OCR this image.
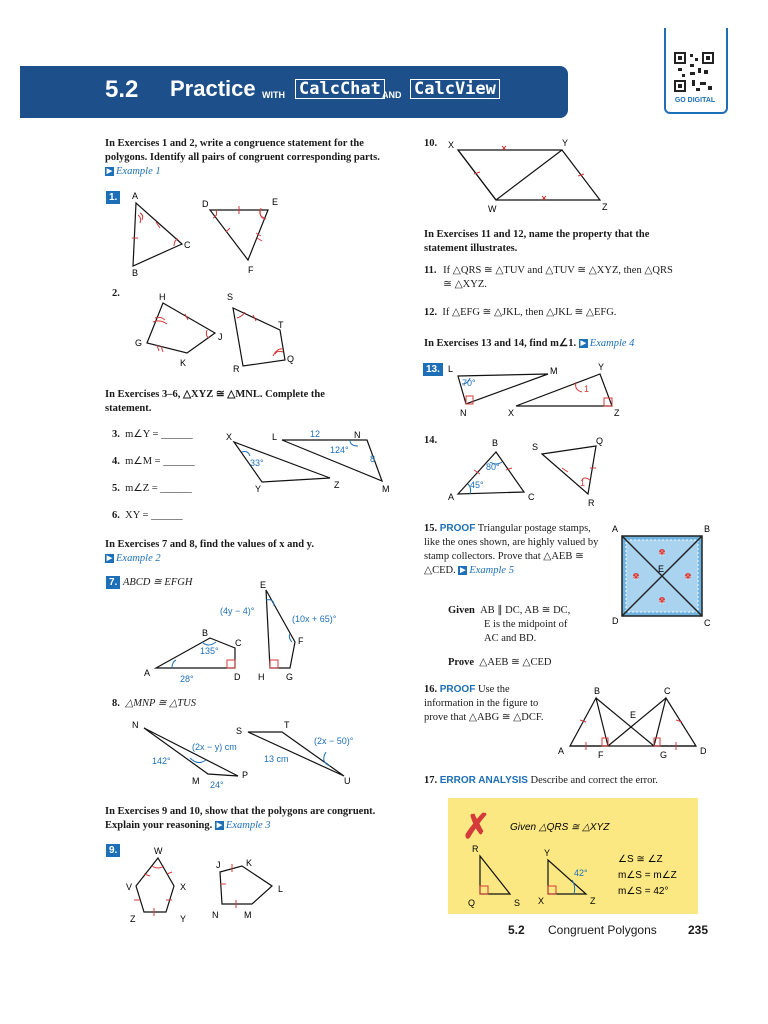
5.2 Practice WITH CalcChat AND CalcView
GO DIGITAL
In Exercises 1 and 2, write a congruence statement for the polygons. Identify all pairs of congruent corresponding parts. ▶ Example 1
1.	A
B
C
D	E
F
2.	H
J
K
G
S
T
Q
R
In Exercises 3–6, △XYZ ≅ △MNL. Complete the statement.
3. m∠Y = ______
4. m∠M = ______
5. m∠Z = ______
6. XY = ______
X
Y	Z
L	N
M
33°
12
124°
8
In Exercises 7 and 8, find the values of x and y.
▶ Example 2
7. ABCD ≅ EFGH
A
B
C
D
E
F
G
H
135°
28°
(4y − 4)°
(10x + 65)°
8. △MNP ≅ △TUS
N
M
P
S
T
U
142°
24°
(2x − y) cm
(2x − 50)°
13 cm
In Exercises 9 and 10, show that the polygons are congruent. Explain your reasoning. ▶ Example 3
9.	W
V	X
Z	Y
J	K
L
N	M
10. X	Y
W	Z
In Exercises 11 and 12, name the property that the statement illustrates.
11. If △QRS ≅ △TUV and △TUV ≅ △XYZ, then △QRS ≅ △XYZ.
12. If △EFG ≅ △JKL, then △JKL ≅ △EFG.
In Exercises 13 and 14, find m∠1. ▶ Example 4
13. L	M
N	X
Y
Z
70°
1
14.
A
B
C
S
Q
R
80°
45°	1
15. PROOF Triangular postage stamps, like the ones shown, are highly valued by stamp collectors. Prove that △AEB ≅ △CED. ▶ Example 5
Given AB ∥ DC, AB ≅ DC,
E is the midpoint of
AC and BD.
Prove △AEB ≅ △CED
☆
☆	☆
☆
A	B
C
D
E
16. PROOF Use the information in the figure to prove that △ABG ≅ △DCF.
B	C
E
A	D
F	G
17. ERROR ANALYSIS Describe and correct the error.
✗ Given △QRS ≅ △XYZ
R
Q	S
Y
X	Z
42°
∠S ≅ ∠Z
m∠S = m∠Z
m∠S = 42°
5.2 Congruent Polygons	235
